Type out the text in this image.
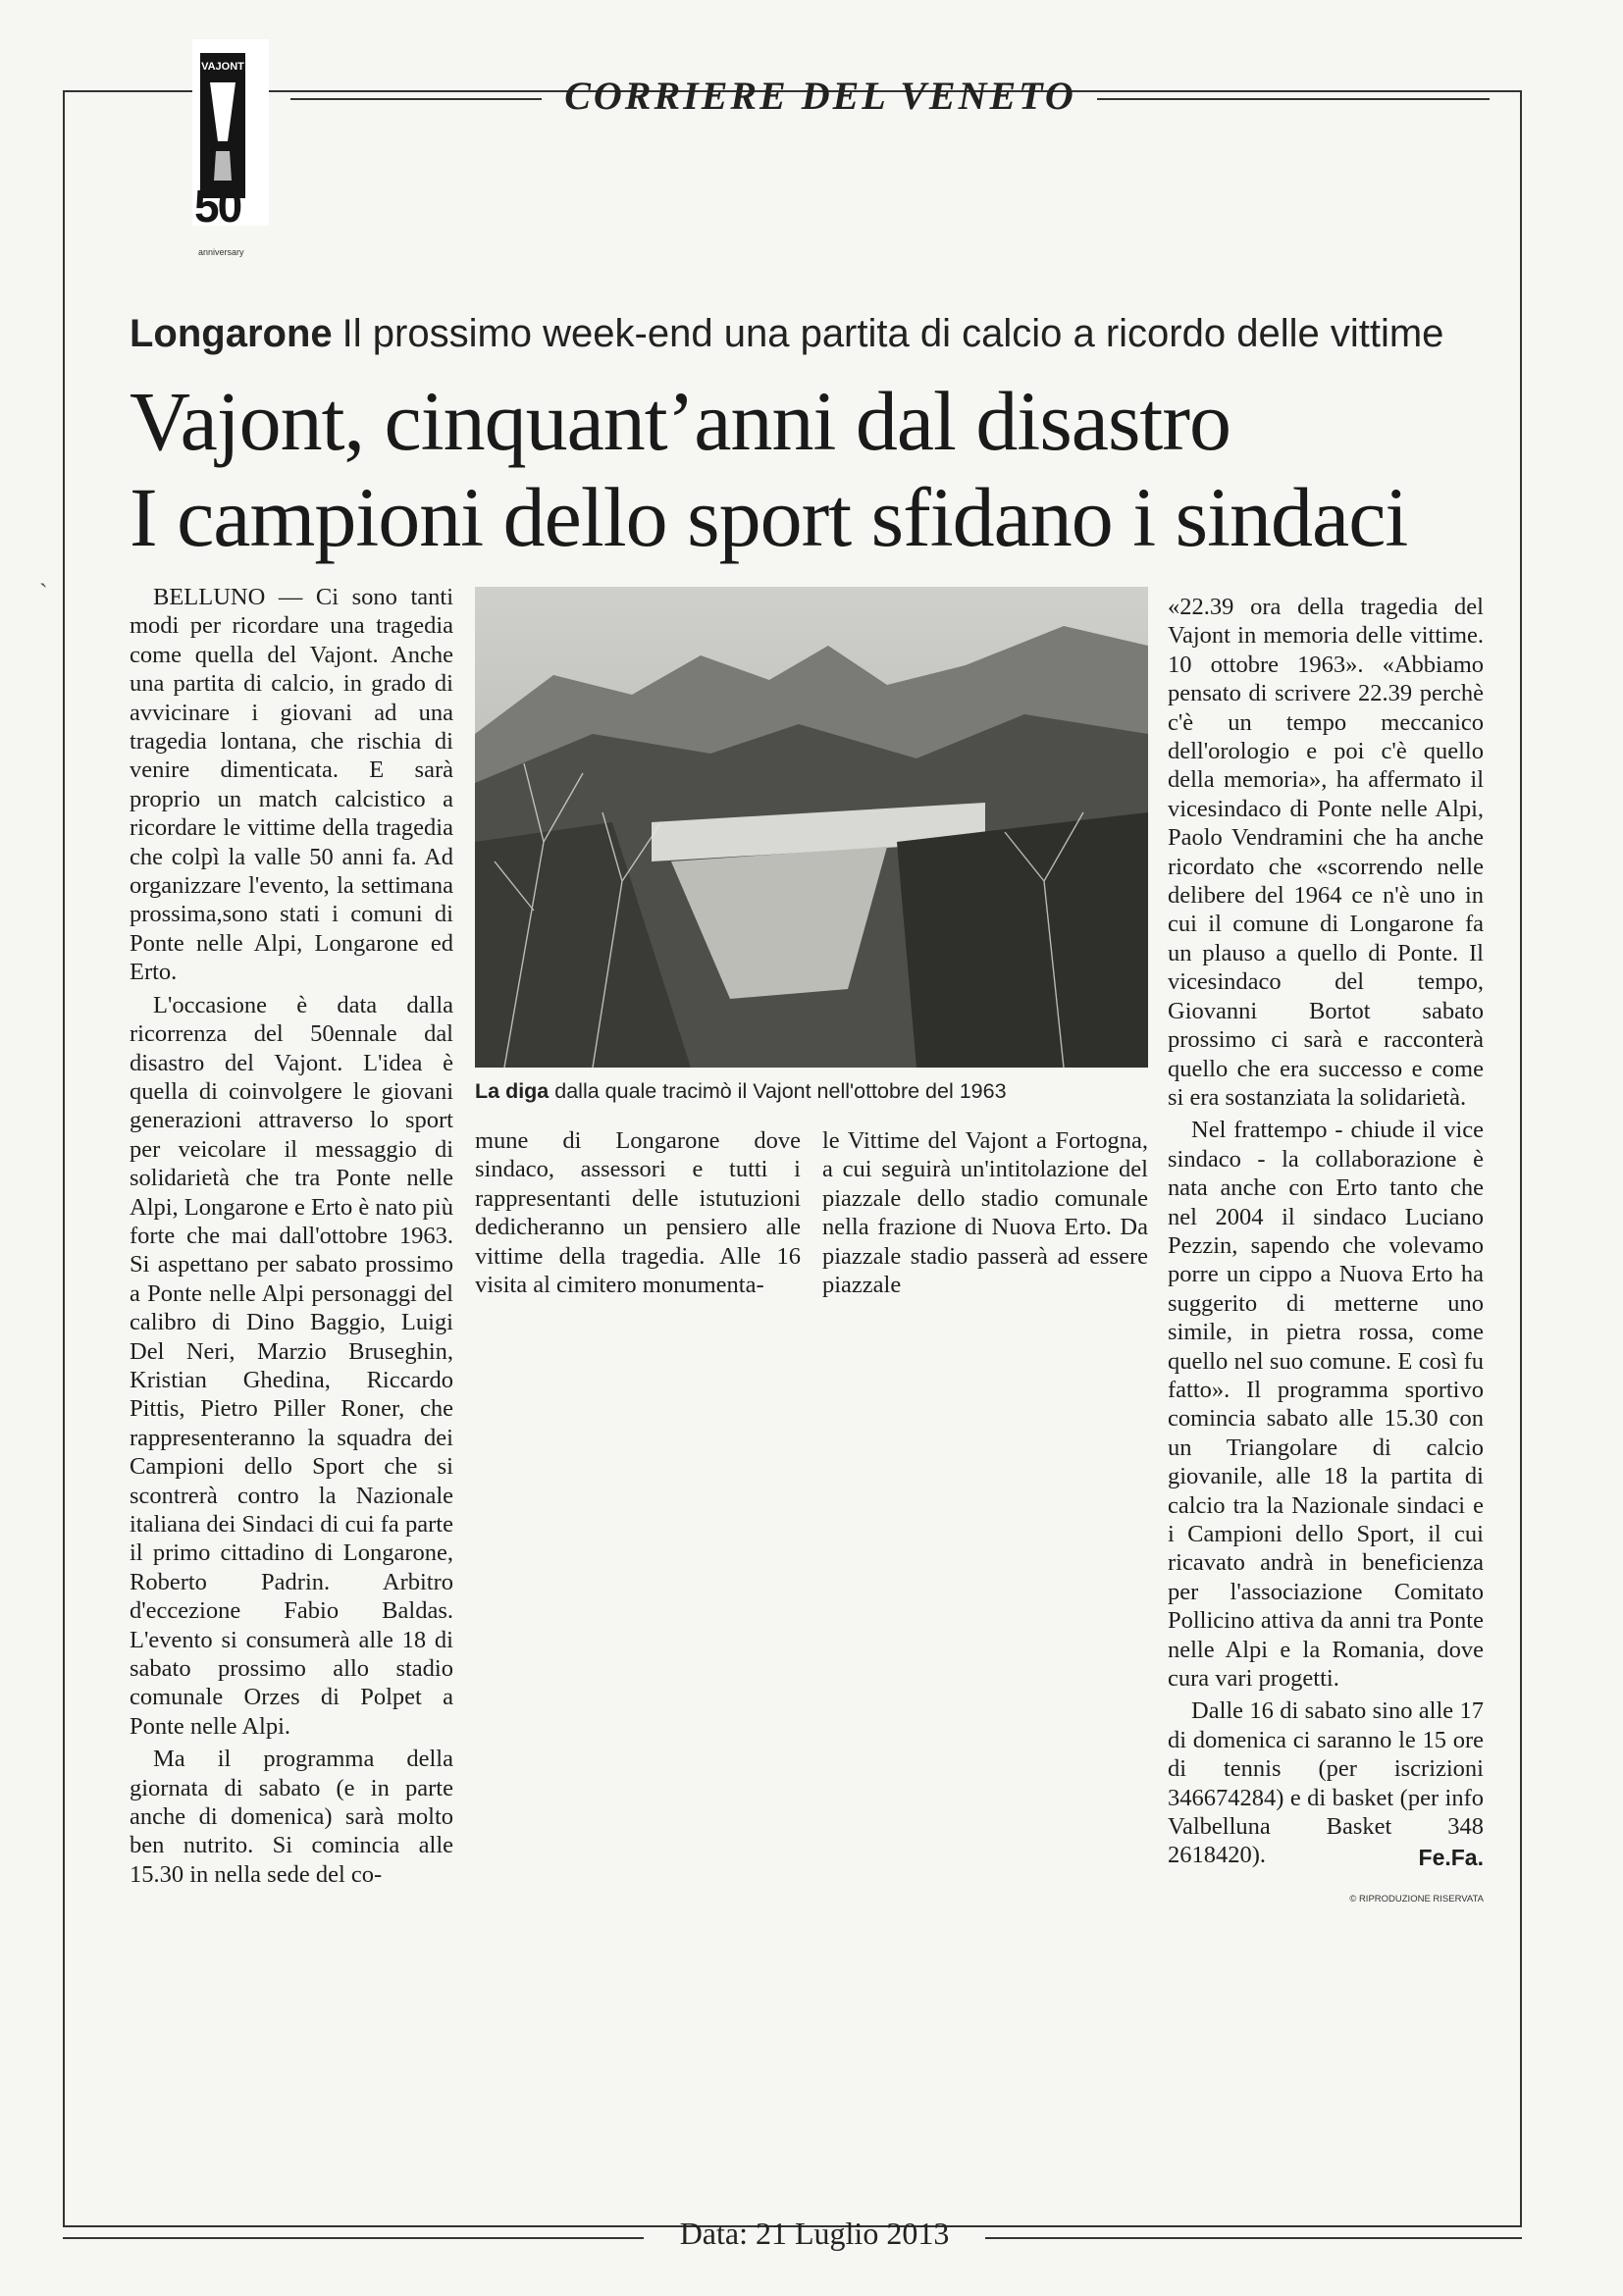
VAJONT
50
anniversary
CORRIERE DEL VENETO
ˏ
Longarone Il prossimo week-end una partita di calcio a ricordo delle vittime
Vajont, cinquant’anni dal disastro
I campioni dello sport sfidano i sindaci

BELLUNO — Ci sono tanti modi per ricordare una tragedia come quella del Vajont. Anche una partita di calcio, in grado di avvicinare i giovani ad una tragedia lontana, che rischia di venire dimenticata. E sarà proprio un match calcistico a ricordare le vittime della tragedia che colpì la valle 50 anni fa. Ad organizzare l'evento, la settimana prossima,sono stati i comuni di Ponte nelle Alpi, Longarone ed Erto.

L'occasione è data dalla ricorrenza del 50ennale dal disastro del Vajont. L'idea è quella di coinvolgere le giovani generazioni attraverso lo sport per veicolare il messaggio di solidarietà che tra Ponte nelle Alpi, Longarone e Erto è nato più forte che mai dall'ottobre 1963. Si aspettano per sabato prossimo a Ponte nelle Alpi personaggi del calibro di Dino Baggio, Luigi Del Neri, Marzio Bruseghin, Kristian Ghedina, Riccardo Pittis, Pietro Piller Roner, che rappresenteranno la squadra dei Campioni dello Sport che si scontrerà contro la Nazionale italiana dei Sindaci di cui fa parte il primo cittadino di Longarone, Roberto Padrin. Arbitro d'eccezione Fabio Baldas. L'evento si consumerà alle 18 di sabato prossimo allo stadio comunale Orzes di Polpet a Ponte nelle Alpi.

Ma il programma della giornata di sabato (e in parte anche di domenica) sarà molto ben nutrito. Si comincia alle 15.30 in nella sede del co-

La diga dalla quale tracimò il Vajont nell'ottobre del 1963

mune di Longarone dove sindaco, assessori e tutti i rappresentanti delle istutuzioni dedicheranno un pensiero alle vittime della tragedia. Alle 16 visita al cimitero monumenta-

le Vittime del Vajont a Fortogna, a cui seguirà un'intitolazione del piazzale dello stadio comunale nella frazione di Nuova Erto. Da piazzale stadio passerà ad essere piazzale

«22.39 ora della tragedia del Vajont in memoria delle vittime. 10 ottobre 1963». «Abbiamo pensato di scrivere 22.39 perchè c'è un tempo meccanico dell'orologio e poi c'è quello della memoria», ha affermato il vicesindaco di Ponte nelle Alpi, Paolo Vendramini che ha anche ricordato che «scorrendo nelle delibere del 1964 ce n'è uno in cui il comune di Longarone fa un plauso a quello di Ponte. Il vicesindaco del tempo, Giovanni Bortot sabato prossimo ci sarà e racconterà quello che era successo e come si era sostanziata la solidarietà.

Nel frattempo - chiude il vice sindaco - la collaborazione è nata anche con Erto tanto che nel 2004 il sindaco Luciano Pezzin, sapendo che volevamo porre un cippo a Nuova Erto ha suggerito di metterne uno simile, in pietra rossa, come quello nel suo comune. E così fu fatto». Il programma sportivo comincia sabato alle 15.30 con un Triangolare di calcio giovanile, alle 18 la partita di calcio tra la Nazionale sindaci e i Campioni dello Sport, il cui ricavato andrà in beneficienza per l'associazione Comitato Pollicino attiva da anni tra Ponte nelle Alpi e la Romania, dove cura vari progetti.

Dalle 16 di sabato sino alle 17 di domenica ci saranno le 15 ore di tennis (per iscrizioni 346674284) e di basket (per info Valbelluna Basket 348 2618420).	Fe.Fa.
© RIPRODUZIONE RISERVATA
Data: 21 Luglio 2013
